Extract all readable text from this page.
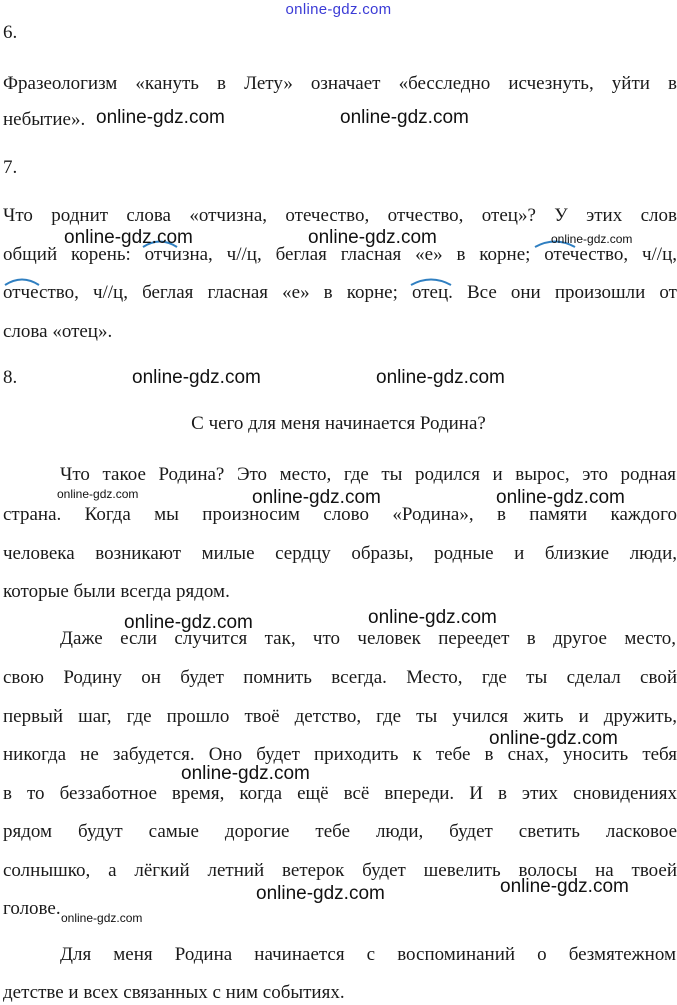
online-gdz.com
6.
Фразеологизм «кануть в Лету» означает «бесследно исчезнуть, уйти в
небытие».
7.
Что роднит слова «отчизна, отечество, отчество, отец»? У этих слов
общий корень: отчизна, ч//ц, беглая гласная «е» в корне; отечество, ч//ц,
отчество, ч//ц, беглая гласная «е» в корне; отец. Все они произошли от
слова «отец».
8.
С чего для меня начинается Родина?
Что такое Родина? Это место, где ты родился и вырос, это родная
страна. Когда мы произносим слово «Родина», в памяти каждого
человека возникают милые сердцу образы, родные и близкие люди,
которые были всегда рядом.
Даже если случится так, что человек переедет в другое место,
свою Родину он будет помнить всегда. Место, где ты сделал свой
первый шаг, где прошло твоё детство, где ты учился жить и дружить,
никогда не забудется. Оно будет приходить к тебе в снах, уносить тебя
в то беззаботное время, когда ещё всё впереди. И в этих сновидениях
рядом будут самые дорогие тебе люди, будет светить ласковое
солнышко, а лёгкий летний ветерок будет шевелить волосы на твоей
голове.
Для меня Родина начинается с воспоминаний о безмятежном
детстве и всех связанных с ним событиях.
online-gdz.com	online-gdz.com
online-gdz.com	online-gdz.com	online-gdz.com
online-gdz.com	online-gdz.com
online-gdz.com	online-gdz.com	online-gdz.com
online-gdz.com	online-gdz.com
online-gdz.com
online-gdz.com
online-gdz.com
online-gdz.com
online-gdz.com
